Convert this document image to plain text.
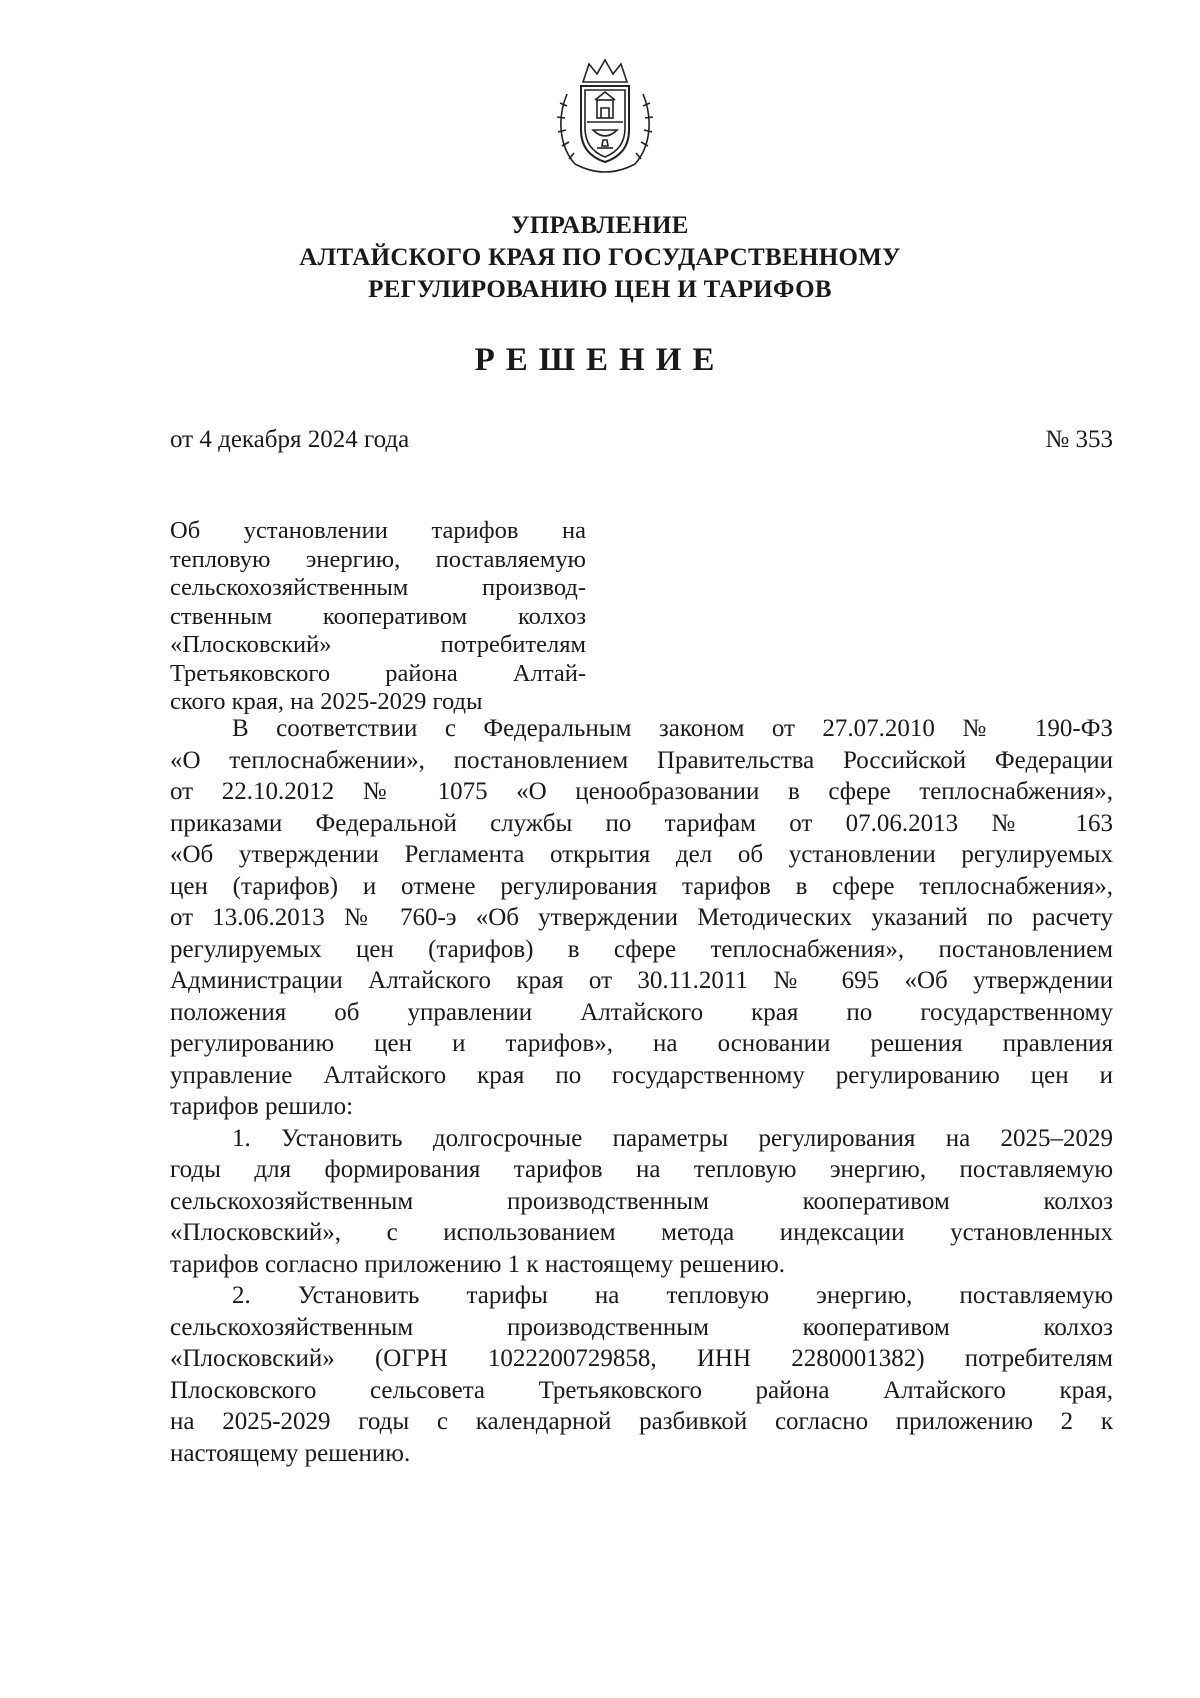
УПРАВЛЕНИЕ
АЛТАЙСКОГО КРАЯ ПО ГОСУДАРСТВЕННОМУ
РЕГУЛИРОВАНИЮ ЦЕН И ТАРИФОВ
РЕШЕНИЕ
от 4 декабря 2024 года	№ 353
Об установлении тарифов на
тепловую энергию, поставляемую
сельскохозяйственным производ-
ственным кооперативом колхоз
«Плосковский» потребителям
Третьяковского района Алтай-
ского края, на 2025-2029 годы
В соответствии с Федеральным законом от 27.07.2010 № 190-ФЗ
«О теплоснабжении», постановлением Правительства Российской Федерации
от 22.10.2012 № 1075 «О ценообразовании в сфере теплоснабжения»,
приказами Федеральной службы по тарифам от 07.06.2013 № 163
«Об утверждении Регламента открытия дел об установлении регулируемых
цен (тарифов) и отмене регулирования тарифов в сфере теплоснабжения»,
от 13.06.2013 № 760-э «Об утверждении Методических указаний по расчету
регулируемых цен (тарифов) в сфере теплоснабжения», постановлением
Администрации Алтайского края от 30.11.2011 № 695 «Об утверждении
положения об управлении Алтайского края по государственному
регулированию цен и тарифов», на основании решения правления
управление Алтайского края по государственному регулированию цен и
тарифов решило:
1. Установить долгосрочные параметры регулирования на 2025–2029
годы для формирования тарифов на тепловую энергию, поставляемую
сельскохозяйственным производственным кооперативом колхоз
«Плосковский», с использованием метода индексации установленных
тарифов согласно приложению 1 к настоящему решению.
2. Установить тарифы на тепловую энергию, поставляемую
сельскохозяйственным производственным кооперативом колхоз
«Плосковский» (ОГРН 1022200729858, ИНН 2280001382) потребителям
Плосковского сельсовета Третьяковского района Алтайского края,
на 2025-2029 годы с календарной разбивкой согласно приложению 2 к
настоящему решению.
